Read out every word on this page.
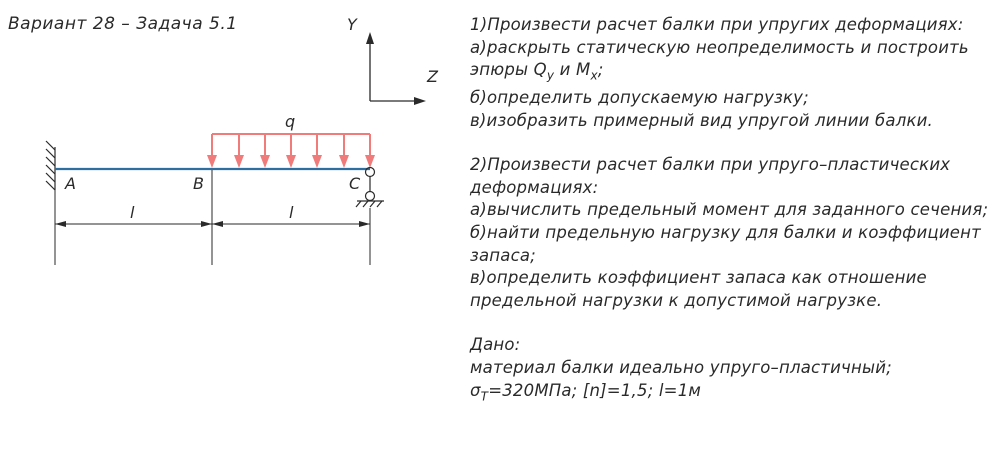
Вариант 28 – Задача 5.1	Y
Z
q
A	B	C
l	l
1)Произвести расчет балки при упругих деформациях:
а)раскрыть статическую неопределимость и построить
эпюры $Q_y$ и $M_x$;
б)определить допускаемую нагрузку;
в)изобразить примерный вид упругой линии балки.
2)Произвести расчет балки при упруго–пластических
деформациях:
а)вычислить предельный момент для заданного сечения;
б)найти предельную нагрузку для балки и коэффициент
запаса;
в)определить коэффициент запаса как отношение
предельной нагрузки к допустимой нагрузке.
Дано:
материал балки идеально упруго–пластичный;
$\sigma_T=320МПа$; [n]=1,5; l=1м
